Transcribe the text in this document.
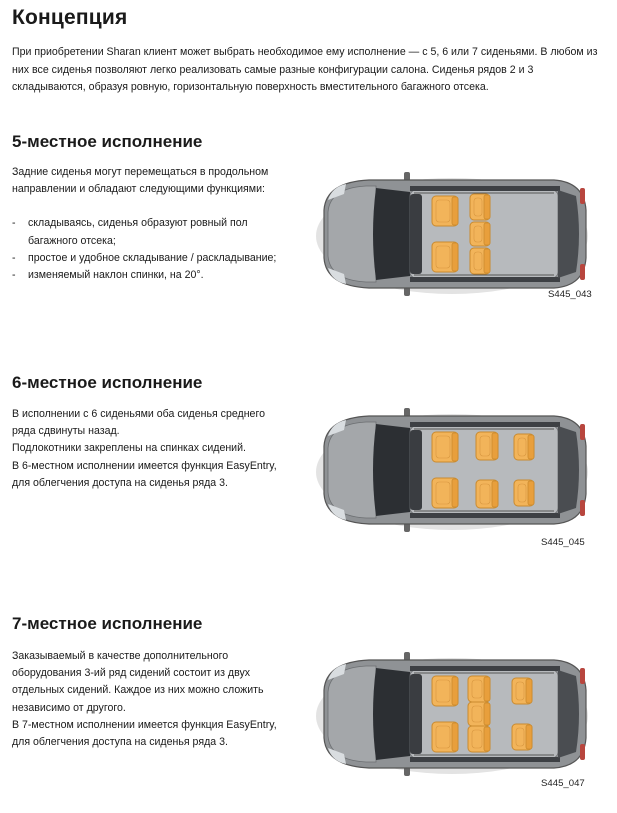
Концепция
При приобретении Sharan клиент может выбрать необходимое ему исполнение — с 5, 6 или 7 сиденьями. В любом из них все сиденья позволяют легко реализовать самые разные конфигурации салона. Сиденья рядов 2 и 3 складываются, образуя ровную, горизонтальную поверхность вместительного багажного отсека.
5-местное исполнение

Задние сиденья могут перемещаться в продольном направлении и обладают следующими функциями:

- складываясь, сиденья образуют ровный пол багажного отсека;
- простое и удобное складывание / раскладывание;
- изменяемый наклон спинки, на 20°.
S445_043
6-местное исполнение

В исполнении с 6 сиденьями оба сиденья среднего ряда сдвинуты назад.

Подлокотники закреплены на спинках сидений.

В 6-местном исполнении имеется функция EasyEntry, для облегчения доступа на сиденья ряда 3.

S445_045
7-местное исполнение

Заказываемый в качестве дополнительного оборудования 3-ий ряд сидений состоит из двух отдельных сидений. Каждое из них можно сложить независимо от другого.

В 7-местном исполнении имеется функция EasyEntry, для облегчения доступа на сиденья ряда 3.

S445_047
